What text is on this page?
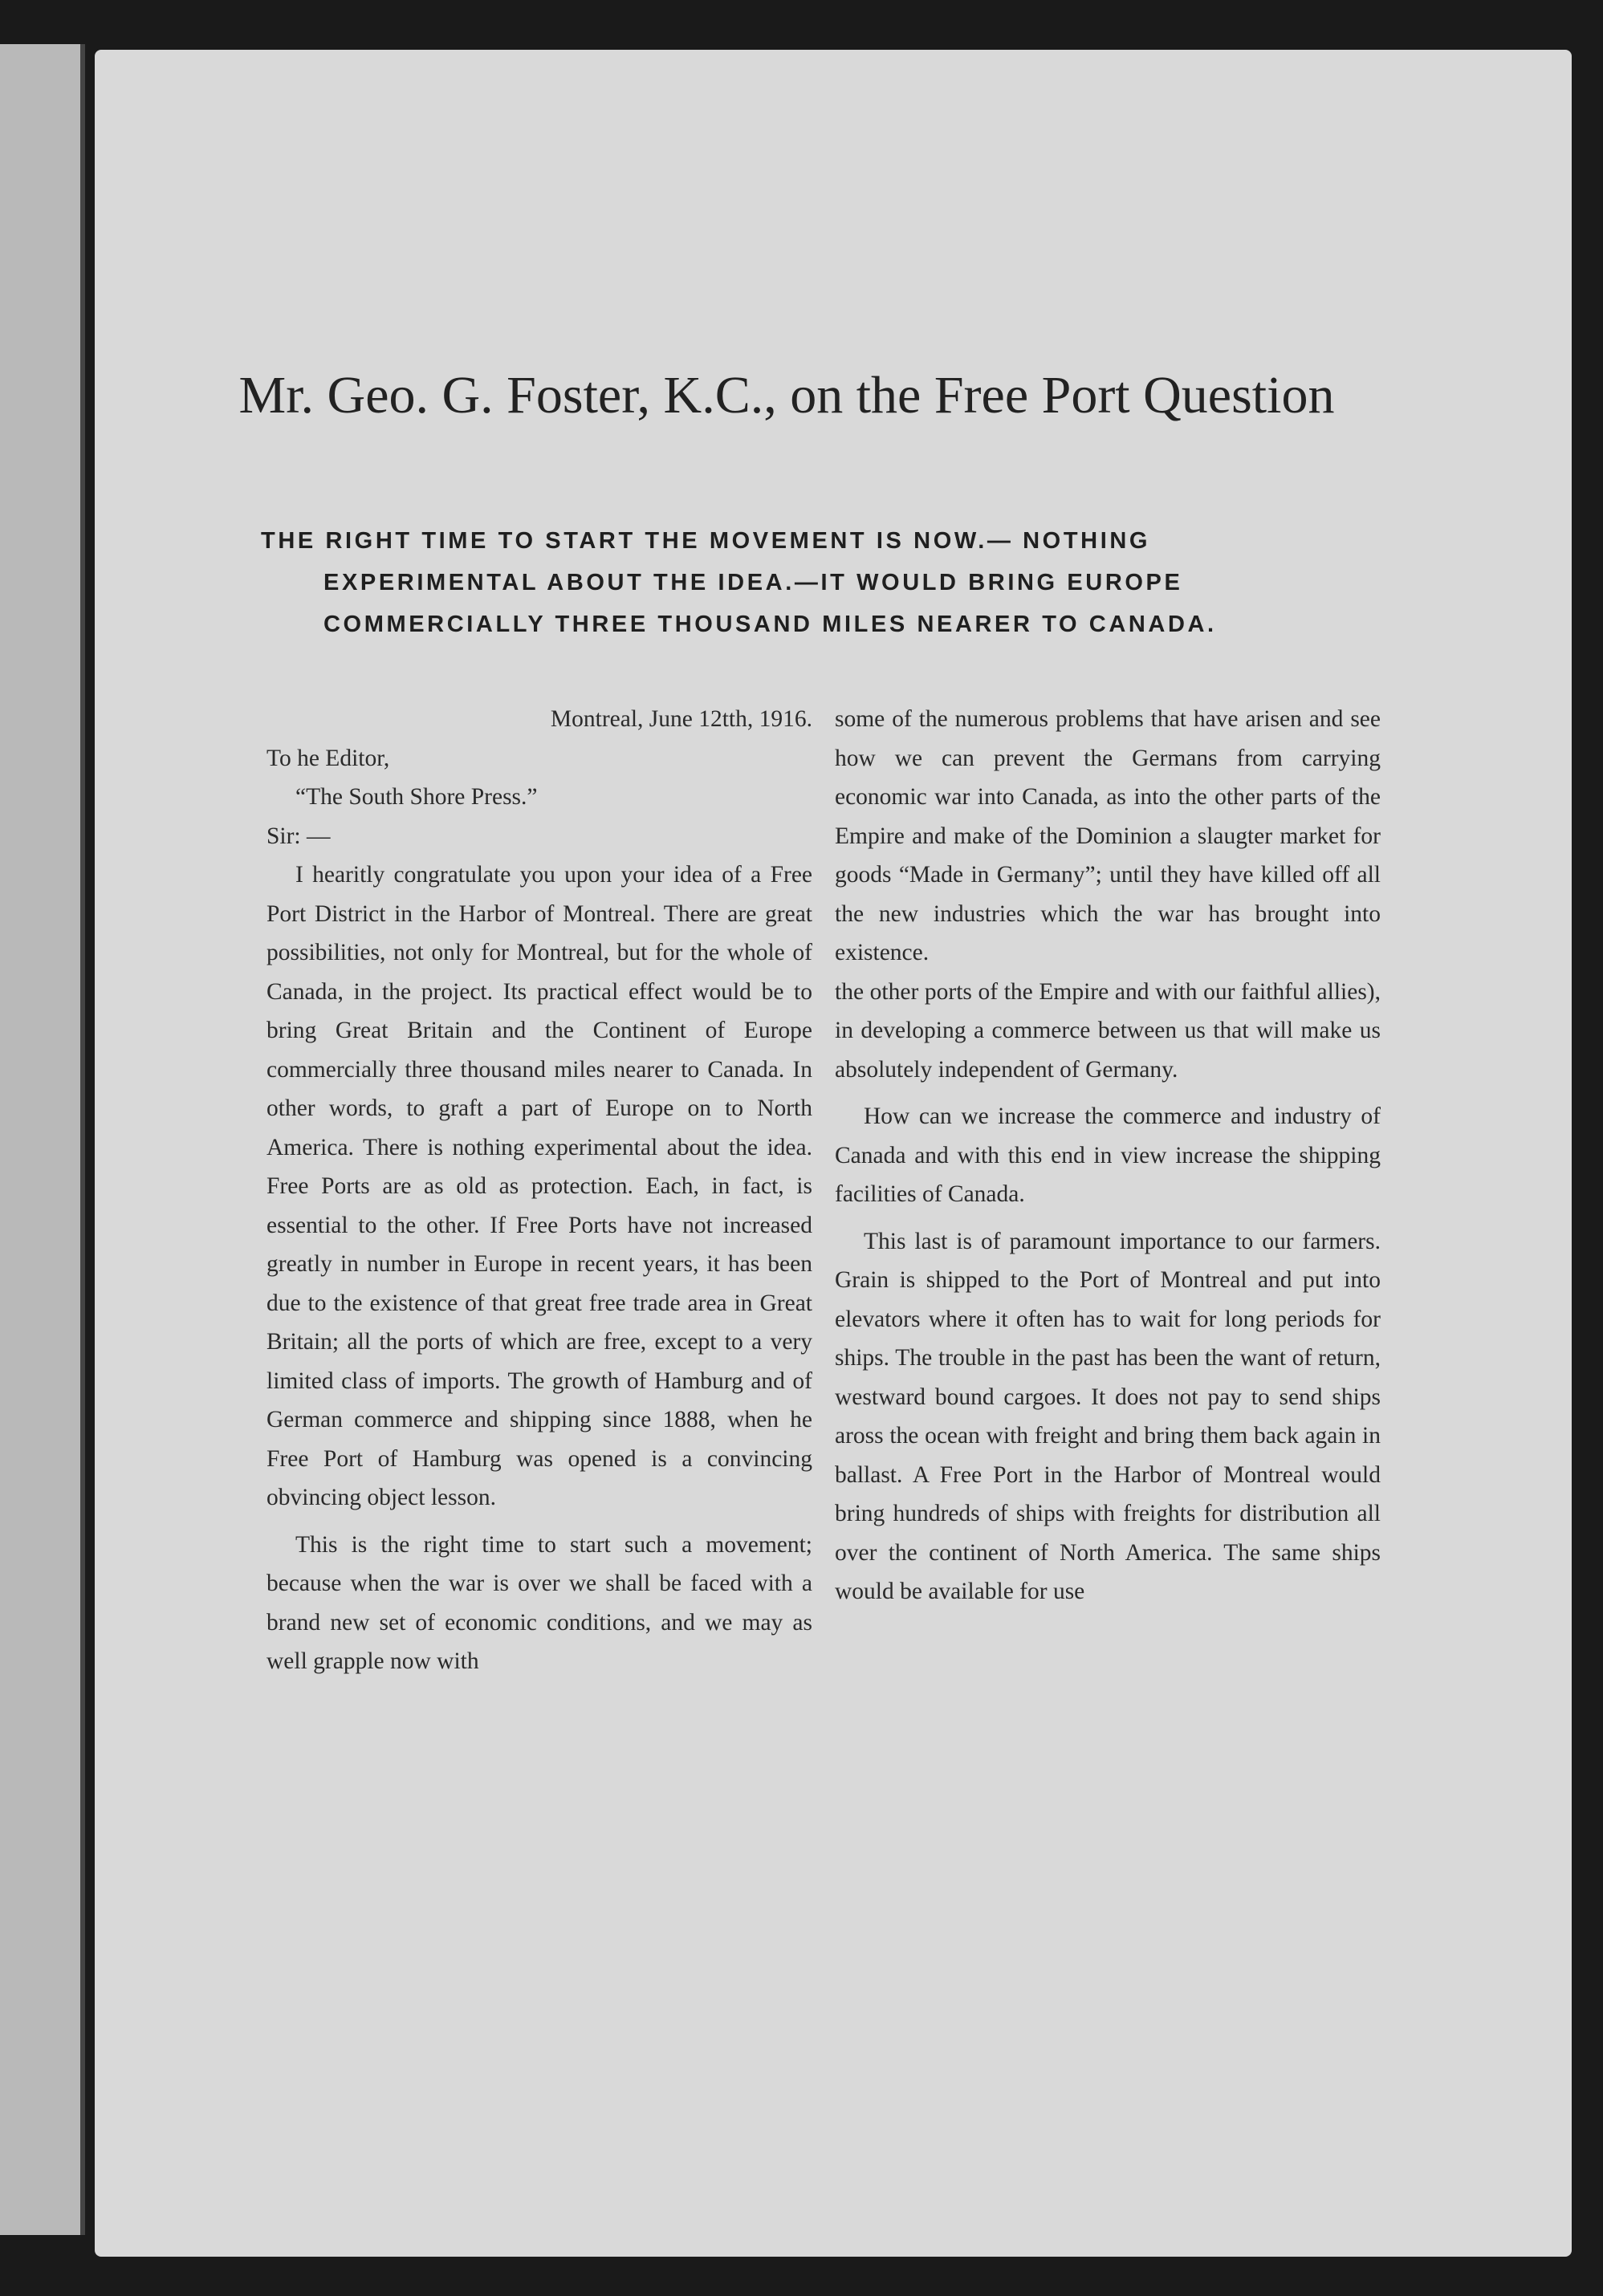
Mr. Geo. G. Foster, K.C., on the Free Port Question

THE RIGHT TIME TO START THE MOVEMENT IS NOW.— NOTHING EXPERIMENTAL ABOUT THE IDEA.—IT WOULD BRING EUROPE COMMERCIALLY THREE THOUSAND MILES NEARER TO CANADA.

Montreal, June 12tth, 1916.

To he Editor,

“The South Shore Press.”

Sir: —

I hearitly congratulate you upon your idea of a Free Port District in the Harbor of Montreal. There are great possibilities, not only for Montreal, but for the whole of Canada, in the project. Its practical effect would be to bring Great Britain and the Continent of Europe commercially three thousand miles nearer to Canada. In other words, to graft a part of Europe on to North America. There is nothing experimental about the idea. Free Ports are as old as protection. Each, in fact, is essential to the other. If Free Ports have not increased greatly in number in Europe in recent years, it has been due to the existence of that great free trade area in Great Britain; all the ports of which are free, except to a very limited class of imports. The growth of Hamburg and of German commerce and shipping since 1888, when he Free Port of Hamburg was opened is a convincing obvincing object lesson.

This is the right time to start such a movement; because when the war is over we shall be faced with a brand new set of economic conditions, and we may as well grapple now with

some of the numerous problems that have arisen and see how we can prevent the Germans from carrying economic war into Canada, as into the other parts of the Empire and make of the Dominion a slaugter market for goods “Made in Germany”; until they have killed off all the new industries which the war has brought into existence.

the other ports of the Empire and with our faithful allies), in developing a commerce between us that will make us absolutely independent of Germany.

How can we increase the commerce and industry of Canada and with this end in view increase the shipping facilities of Canada.

This last is of paramount importance to our farmers. Grain is shipped to the Port of Montreal and put into elevators where it often has to wait for long periods for ships. The trouble in the past has been the want of return, westward bound cargoes. It does not pay to send ships aross the ocean with freight and bring them back again in ballast. A Free Port in the Harbor of Montreal would bring hundreds of ships with freights for distribution all over the continent of North America. The same ships would be available for use
